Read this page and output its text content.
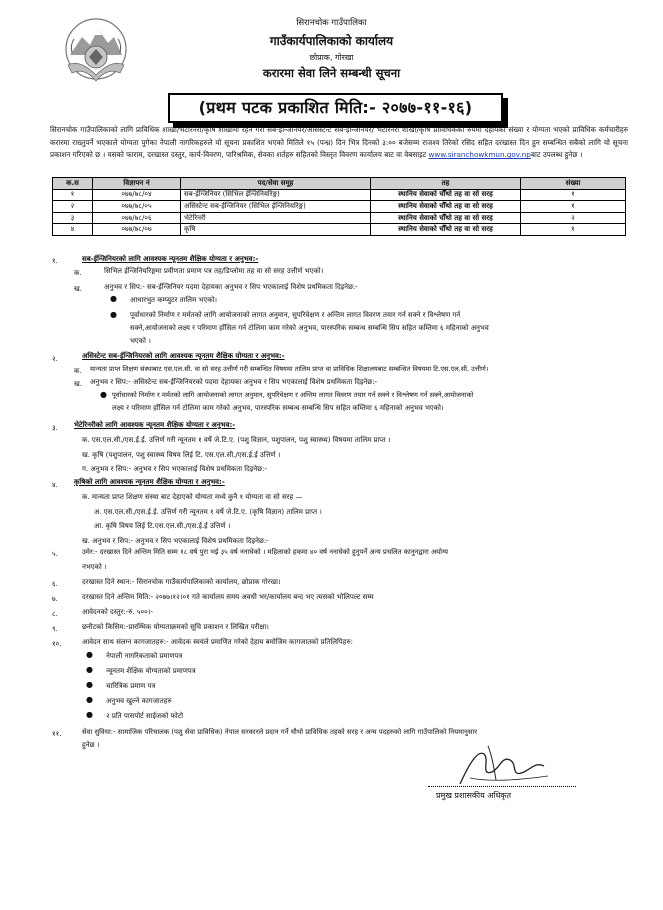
सिरानचोक गाउँपालिका
गाउँकार्यपालिकाको कार्यालय
छोप्राक, गोरखा
करारमा सेवा लिने सम्बन्धी सूचना
(प्रथम पटक प्रकाशित मिति:- २०७७-११-१६)
सिरानचोक गाउँपालिकाको लागि प्राविधिक शाखा/भेटेरिनरी/कृषि शाखामा रहने गरी सब-ईन्जिनियर/असिस्टेन्ट सब-ईन्जिनियर/ भेटेरिनरी शाखा/कृषि प्राविधिकको रुपमा देहायको संख्या र योग्यता भएको प्राविधिक कर्मचारीहरु करारमा राख्नुपर्ने भएकाले योग्यता पुगेका नेपाली नागरिकहरुले यो सूचना प्रकाशित भएको मितिले १५ (पन्ध्र) दिन भित्र दिनको ३:०० बजेसम्म राजश्व तिरेको रसिद सहित दरखास्त दिन हुन सम्बन्धित सबैको लागि यो सूचना प्रकाशन गरिएको छ । यसको फाराम, दरखास्त दस्तुर, कार्य-विवरण, पारिश्रमिक, सेवका शर्तहरु सहितको विस्तृत विवरण कार्यालय बाट वा वेबसाइट www.siranchowkmun.gov.npबाट उपलब्ध हुनेछ ।
क.स	विज्ञापन नं	पद/सेवा समूह	तह	संख्या
१	०७७/७८/०४	सब-ईन्जिनियर (सिभिल ईन्जिनियरिङ्ग)	स्थानिय सेवाको चौँथो तह वा सो सरह	१
२	०७७/७८/०५	असिस्टेन्ट सब-ईन्जिनियर (सिभिल ईन्जिनियरिङ्ग)	स्थानिय सेवाको चौँथो तह वा सो सरह	१
३	०७७/७८/०६	भेटेरिनरी	स्थानिय सेवाको चौँथो तह वा सो सरह	२
४	०७७/७८/०७	कृषि	स्थानिय सेवाको चौँथो तह वा सो सरह	१
१.	सब-ईन्जिनियरको लागि आवश्यक न्यूनतम शैक्षिक योग्यता र अनुभव:-
क.	सिभिल ईन्जिनियरिङ्गमा प्रवीणता प्रमाण पत्र तह/डिप्लोमा तह वा सो सरह उत्तीर्ण भएको।
ख.	अनुभव र सिप:- सब-ईन्जिनियर पदमा देहायका अनुभव र सिप भएकालाई विशेष प्रथमिकता दिइनेछ:-
● आधारभुत कम्प्युटर तालिम भएको।
● पूर्वाधारको निर्माण र मर्मतको लागि आयोजनाको लागत अनुमान, सुपरिवेक्षण र अन्तिम लागत विवरण तयार गर्न सक्ने र विश्लेषण गर्न
सक्ने,आयोजनाको लक्ष्य र परिमाण हाँसिल गर्न टोलिमा काम गरेको अनुभव, पारस्परिक सम्बन्ध सम्बन्धि सिप सहित कम्तिमा ६ महिनाको अनुभव
भएको ।
२.	असिस्टेन्ट सब-ईन्जिनियरको लागि आवश्यक न्यूनतम शैक्षिक योग्यता र अनुभव:-
क. मान्यता प्राप्त शिक्षण संस्थाबाट एस.एल.सी. वा सो सरह उत्तीर्ण गरी सम्बन्धित विषयमा तालिम प्राप्त वा प्राविधिक शिक्षालयबाट सम्बन्धित विषयमा टि.एस.एल.सी. उत्तीर्ण।
ख. अनुभव र सिप:- असिस्टेन्ट सब-ईन्जिनियरको पदमा देहायका अनुभव र सिप भएकालाई विशेष प्रथमिकता दिइनेछ:-
● पूर्वाधारको निर्माण र मर्मतको लागि आयोजनाको लागत अनुमान, सुपरिवेक्षण र अन्तिम लागत विवरण तयार गर्न सक्ने र विश्लेषण गर्न सक्ने,आयोजनाको
लक्ष्य र परिमाण हाँसिल गर्न टोलिमा काम गरेको अनुभव, पारस्परिक सम्बन्ध सम्बन्धि सिप सहित कम्तिमा ६ महिनाको अनुभव भएको।
३. भेटेरिनरीको लागि आवश्यक न्यूनतम शैक्षिक योग्यता र अनुभव:-
क. एस.एल.सी./एस.ई.ई. उत्तिर्ण गरी न्यूनतम १ वर्षे जे.टि.ए. (पशु विज्ञान, पशुपालन, पशु स्वास्थ्य) विषयमा तालिम प्राप्त ।
ख. कृषि (पशुपालन, पशु स्वास्थ्य विषय लिई टि. एस.एल.सी./एस.ई.ई उत्तिर्ण ।
ग. अनुभव र सिप:- अनुभव र सिप भएकालाई विशेष प्रथमिकता दिइनेछ:-
४. कृषिको लागि आवश्यक न्यूनतम शैक्षिक योग्यता र अनुभव:-
क. मान्यता प्राप्त शिक्षण संस्था बाट देहाएको योग्यता मध्ये कुनै १ योग्यता वा सो सरह —
अ. एस.एल.सी./एस.ई.ई. उत्तिर्ण गरी न्यूनतम १ वर्षे जे.टि.ए. (कृषि विज्ञान) तालिम प्राप्त ।
आ. कृषि विषय लिई टि.एस.एल.सी./एस.ई.ई उत्तिर्ण ।
ख. अनुभव र सिप:- अनुभव र सिप भएकालाई विशेष प्रथमिकता दिइनेछ:-
५.	उमेर:- दरखास्त दिने अन्तिम मिति सम्म १८ वर्ष पुरा भई ३५ वर्ष ननाघेको । महिलाको हकमा ४० वर्ष ननाघेको हुनुपर्ने अन्य प्रचलित कानुनद्वारा अयोग्य
नभएको ।
६.	दरखास्त दिने स्थान:- सिरानचोक गाउँकार्यपालिकाको कार्यालय, छोप्राक गोरखा।
७.	दरखास्त दिने अन्तिम मिति:- २०७७।१२।०१ गते कार्यालय समय अवधी भर/कार्यालय बन्द भए त्यसको भोलिपल्ट सम्म
८.	आवेदनको दस्तुर:-रु. ५००।-
९.	छनौटको किसिम:-प्रारम्भिक योग्यताक्रमको सूचि प्रकाशन र लिखित परीक्षा।
१०.	आवेदन साथ संलग्न कागजातहरु:- आवेदक स्वयंले प्रमाणित गरेको देहाय बमोजिम कागजातको प्रतिलिपिहरु:
● नेपाली नागरिकताको प्रमाणपत्र
● न्यूनतम शैक्षिक योग्यताको प्रमाणपत्र
● चारित्रिक प्रमाण पत्र
● अनुभव खुल्ने कागजातहरु
● २ प्रति पासपोर्ट साईजको फोटो
११.	सेवा सुविधा:- सामाजिक परिचालक (पशु सेवा प्राविधिक) नेपाल सरकारले प्रदान गर्ने चौथो प्राविधिक तहको सरह र अन्य पदहरुको लागि गाउँपालिको नियमानुसार
हुनेछ ।
प्रमुख प्रशासकीय अधिकृत
